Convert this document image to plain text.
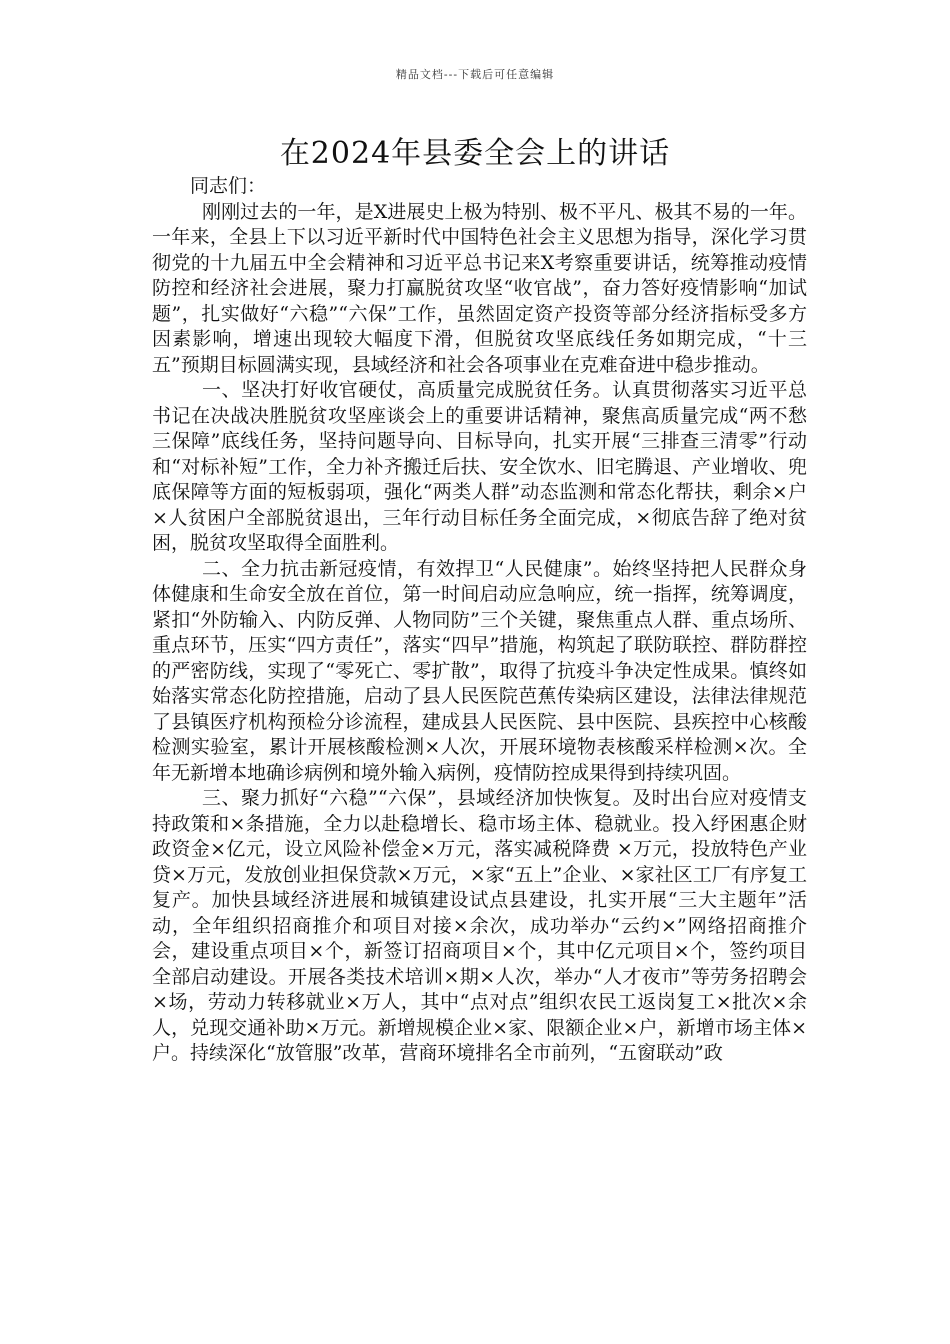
精品文档---下载后可任意编辑
在2024年县委全会上的讲话

同志们：

刚刚过去的一年，是X进展史上极为特别、极不平凡、极其不易的一年。一年来，全县上下以习近平新时代中国特色社会主义思想为指导，深化学习贯彻党的十九届五中全会精神和习近平总书记来X考察重要讲话，统筹推动疫情防控和经济社会进展，聚力打赢脱贫攻坚“收官战”，奋力答好疫情影响“加试题”，扎实做好“六稳”“六保”工作，虽然固定资产投资等部分经济指标受多方因素影响，增速出现较大幅度下滑，但脱贫攻坚底线任务如期完成，“十三五”预期目标圆满实现，县域经济和社会各项事业在克难奋进中稳步推动。

一、坚决打好收官硬仗，高质量完成脱贫任务。认真贯彻落实习近平总书记在决战决胜脱贫攻坚座谈会上的重要讲话精神，聚焦高质量完成“两不愁三保障”底线任务，坚持问题导向、目标导向，扎实开展“三排查三清零”行动和“对标补短”工作，全力补齐搬迁后扶、安全饮水、旧宅腾退、产业增收、兜底保障等方面的短板弱项，强化“两类人群”动态监测和常态化帮扶，剩余×户×人贫困户全部脱贫退出，三年行动目标任务全面完成，×彻底告辞了绝对贫困，脱贫攻坚取得全面胜利。

二、全力抗击新冠疫情，有效捍卫“人民健康”。始终坚持把人民群众身体健康和生命安全放在首位，第一时间启动应急响应，统一指挥，统筹调度，紧扣“外防输入、内防反弹、人物同防”三个关键，聚焦重点人群、重点场所、重点环节，压实“四方责任”，落实“四早”措施，构筑起了联防联控、群防群控的严密防线，实现了“零死亡、零扩散”，取得了抗疫斗争决定性成果。慎终如始落实常态化防控措施，启动了县人民医院芭蕉传染病区建设，法律法律规范了县镇医疗机构预检分诊流程，建成县人民医院、县中医院、县疾控中心核酸检测实验室，累计开展核酸检测×人次，开展环境物表核酸采样检测×次。全年无新增本地确诊病例和境外输入病例，疫情防控成果得到持续巩固。

三、聚力抓好“六稳”“六保”，县域经济加快恢复。及时出台应对疫情支持政策和×条措施，全力以赴稳增长、稳市场主体、稳就业。投入纾困惠企财政资金×亿元，设立风险补偿金×万元，落实减税降费 ×万元，投放特色产业贷×万元，发放创业担保贷款×万元，×家“五上”企业、×家社区工厂有序复工复产。加快县域经济进展和城镇建设试点县建设，扎实开展“三大主题年”活动，全年组织招商推介和项目对接×余次，成功举办“云约×”网络招商推介会，建设重点项目×个，新签订招商项目×个，其中亿元项目×个，签约项目全部启动建设。开展各类技术培训×期×人次，举办“人才夜市”等劳务招聘会×场，劳动力转移就业×万人，其中“点对点”组织农民工返岗复工×批次×余人，兑现交通补助×万元。新增规模企业×家、限额企业×户，新增市场主体×户。持续深化“放管服”改革，营商环境排名全市前列，“五窗联动”政
